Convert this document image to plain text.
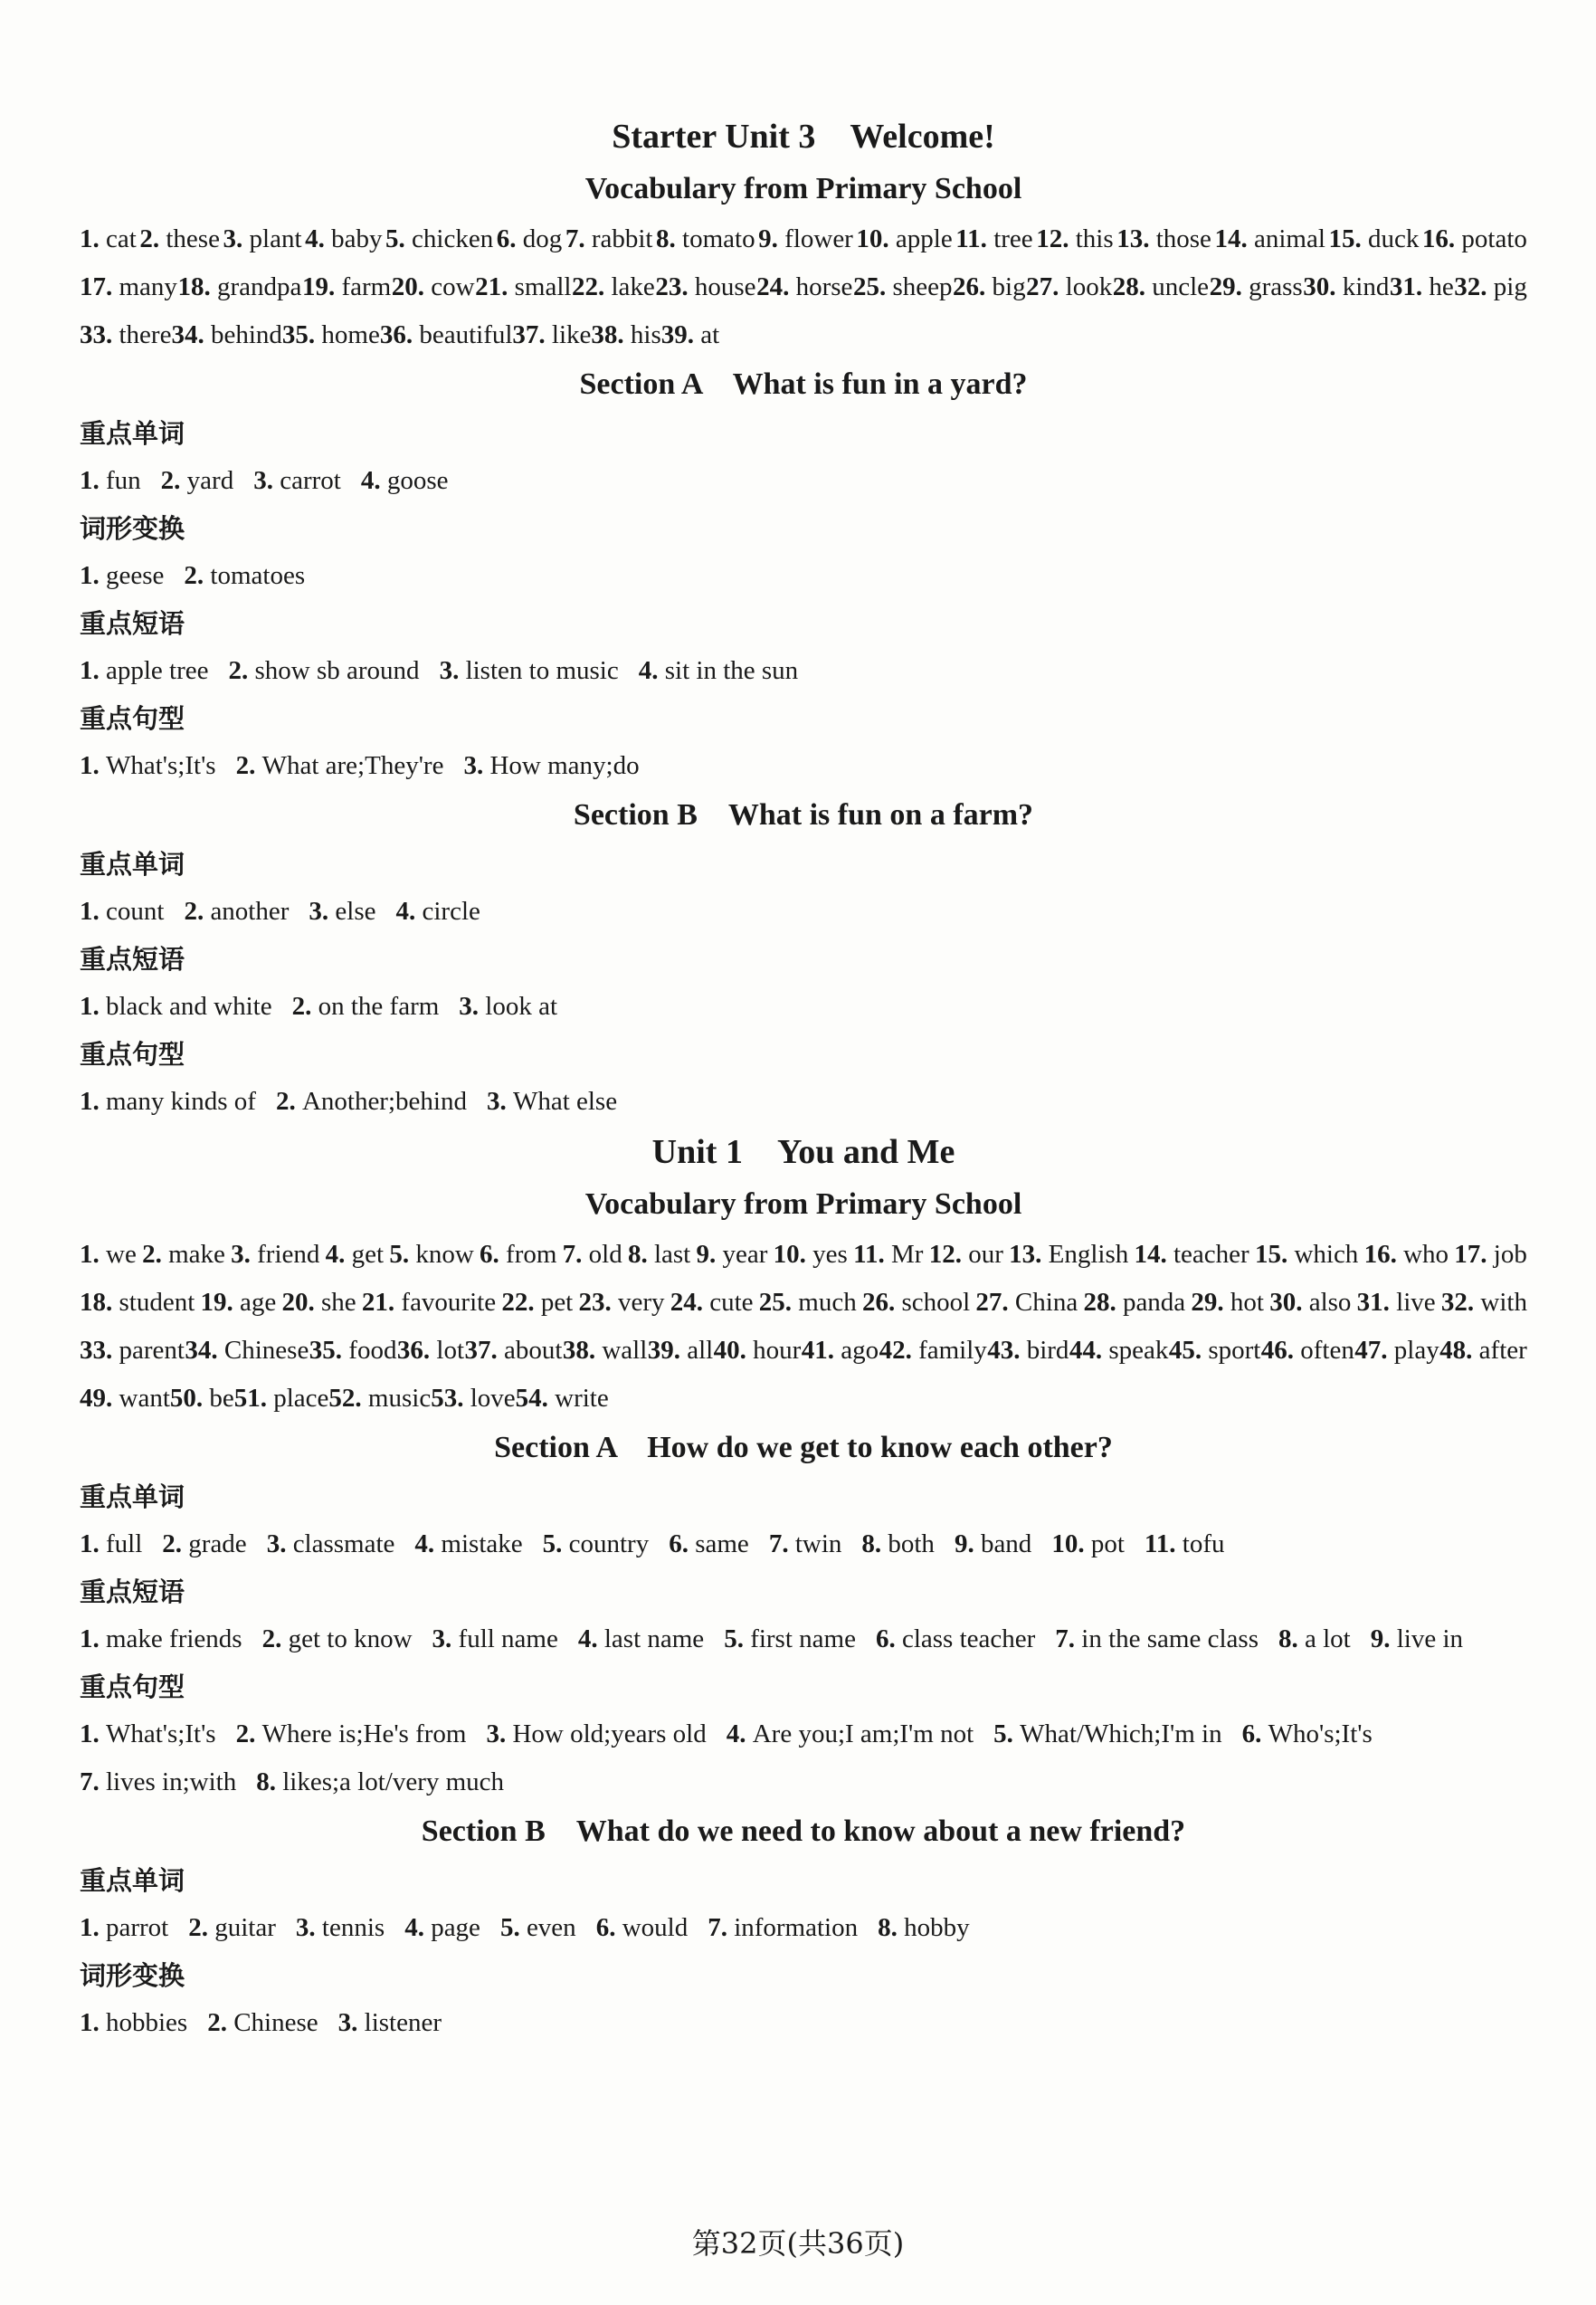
Starter Unit 3　Welcome!
Vocabulary from Primary School
1. cat 2. these 3. plant 4. baby 5. chicken 6. dog 7. rabbit 8. tomato 9. flower 10. apple 11. tree 12. this 13. those 14. animal 15. duck 16. potato
17. many 18. grandpa 19. farm 20. cow 21. small 22. lake 23. house 24. horse 25. sheep 26. big 27. look 28. uncle 29. grass 30. kind 31. he 32. pig
33. there 34. behind 35. home 36. beautiful 37. like 38. his 39. at
Section A　What is fun in a yard?
重点单词
1. fun 2. yard 3. carrot 4. goose
词形变换
1. geese 2. tomatoes
重点短语
1. apple tree 2. show sb around 3. listen to music 4. sit in the sun
重点句型
1. What's;It's 2. What are;They're 3. How many;do
Section B　What is fun on a farm?
重点单词
1. count 2. another 3. else 4. circle
重点短语
1. black and white 2. on the farm 3. look at
重点句型
1. many kinds of 2. Another;behind 3. What else
Unit 1　You and Me
Vocabulary from Primary School
1. we 2. make 3. friend 4. get 5. know 6. from 7. old 8. last 9. year 10. yes 11. Mr 12. our 13. English 14. teacher 15. which 16. who 17. job
18. student 19. age 20. she 21. favourite 22. pet 23. very 24. cute 25. much 26. school 27. China 28. panda 29. hot 30. also 31. live 32. with
33. parent 34. Chinese 35. food 36. lot 37. about 38. wall 39. all 40. hour 41. ago 42. family 43. bird 44. speak 45. sport 46. often 47. play 48. after
49. want 50. be 51. place 52. music 53. love 54. write
Section A　How do we get to know each other?
重点单词
1. full 2. grade 3. classmate 4. mistake 5. country 6. same 7. twin 8. both 9. band 10. pot 11. tofu
重点短语
1. make friends 2. get to know 3. full name 4. last name 5. first name 6. class teacher 7. in the same class 8. a lot 9. live in
重点句型
1. What's;It's 2. Where is;He's from 3. How old;years old 4. Are you;I am;I'm not 5. What/Which;I'm in 6. Who's;It's
7. lives in;with 8. likes;a lot/very much
Section B　What do we need to know about a new friend?
重点单词
1. parrot 2. guitar 3. tennis 4. page 5. even 6. would 7. information 8. hobby
词形变换
1. hobbies 2. Chinese 3. listener
第32页(共36页)
